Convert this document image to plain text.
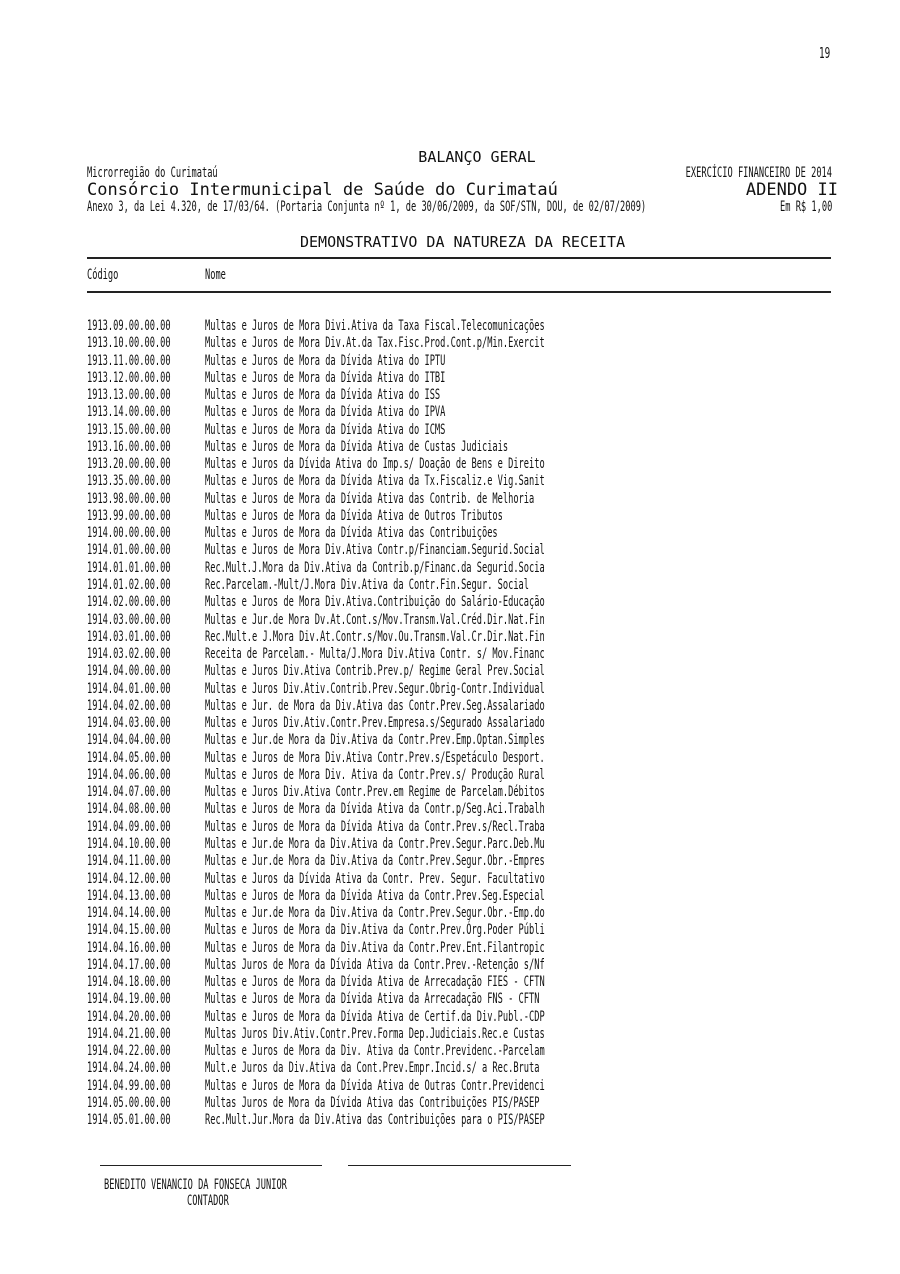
19
BALANÇO GERAL
Microrregião do Curimataú	EXERCÍCIO FINANCEIRO DE 2014
Consórcio Intermunicipal de Saúde do Curimataú	ADENDO II
Anexo 3, da Lei 4.320, de 17/03/64. (Portaria Conjunta nº 1, de 30/06/2009, da SOF/STN, DOU, de 02/07/2009)	Em R$ 1,00
DEMONSTRATIVO DA NATUREZA DA RECEITA
Código	Nome
1913.09.00.00.00 Multas e Juros de Mora Divi.Ativa da Taxa Fiscal.Telecomunicações
1913.10.00.00.00 Multas e Juros de Mora Div.At.da Tax.Fisc.Prod.Cont.p/Min.Exercit
1913.11.00.00.00 Multas e Juros de Mora da Dívida Ativa do IPTU
1913.12.00.00.00 Multas e Juros de Mora da Dívida Ativa do ITBI
1913.13.00.00.00 Multas e Juros de Mora da Dívida Ativa do ISS
1913.14.00.00.00 Multas e Juros de Mora da Dívida Ativa do IPVA
1913.15.00.00.00 Multas e Juros de Mora da Dívida Ativa do ICMS
1913.16.00.00.00 Multas e Juros de Mora da Dívida Ativa de Custas Judiciais
1913.20.00.00.00 Multas e Juros da Dívida Ativa do Imp.s/ Doação de Bens e Direito
1913.35.00.00.00 Multas e Juros de Mora da Dívida Ativa da Tx.Fiscaliz.e Vig.Sanit
1913.98.00.00.00 Multas e Juros de Mora da Dívida Ativa das Contrib. de Melhoria
1913.99.00.00.00 Multas e Juros de Mora da Dívida Ativa de Outros Tributos
1914.00.00.00.00 Multas e Juros de Mora da Dívida Ativa das Contribuições
1914.01.00.00.00 Multas e Juros de Mora Div.Ativa Contr.p/Financiam.Segurid.Social
1914.01.01.00.00 Rec.Mult.J.Mora da Div.Ativa da Contrib.p/Financ.da Segurid.Socia
1914.01.02.00.00 Rec.Parcelam.-Mult/J.Mora Div.Ativa da Contr.Fin.Segur. Social
1914.02.00.00.00 Multas e Juros de Mora Div.Ativa.Contribuição do Salário-Educação
1914.03.00.00.00 Multas e Jur.de Mora Dv.At.Cont.s/Mov.Transm.Val.Créd.Dir.Nat.Fin
1914.03.01.00.00 Rec.Mult.e J.Mora Div.At.Contr.s/Mov.Ou.Transm.Val.Cr.Dir.Nat.Fin
1914.03.02.00.00 Receita de Parcelam.- Multa/J.Mora Div.Ativa Contr. s/ Mov.Financ
1914.04.00.00.00 Multas e Juros Div.Ativa Contrib.Prev.p/ Regime Geral Prev.Social
1914.04.01.00.00 Multas e Juros Div.Ativ.Contrib.Prev.Segur.Obrig-Contr.Individual
1914.04.02.00.00 Multas e Jur. de Mora da Div.Ativa das Contr.Prev.Seg.Assalariado
1914.04.03.00.00 Multas e Juros Div.Ativ.Contr.Prev.Empresa.s/Segurado Assalariado
1914.04.04.00.00 Multas e Jur.de Mora da Div.Ativa da Contr.Prev.Emp.Optan.Simples
1914.04.05.00.00 Multas e Juros de Mora Div.Ativa Contr.Prev.s/Espetáculo Desport.
1914.04.06.00.00 Multas e Juros de Mora Div. Ativa da Contr.Prev.s/ Produção Rural
1914.04.07.00.00 Multas e Juros Div.Ativa Contr.Prev.em Regime de Parcelam.Débitos
1914.04.08.00.00 Multas e Juros de Mora da Dívida Ativa da Contr.p/Seg.Aci.Trabalh
1914.04.09.00.00 Multas e Juros de Mora da Dívida Ativa da Contr.Prev.s/Recl.Traba
1914.04.10.00.00 Multas e Jur.de Mora da Div.Ativa da Contr.Prev.Segur.Parc.Deb.Mu
1914.04.11.00.00 Multas e Jur.de Mora da Div.Ativa da Contr.Prev.Segur.Obr.-Empres
1914.04.12.00.00 Multas e Juros da Dívida Ativa da Contr. Prev. Segur. Facultativo
1914.04.13.00.00 Multas e Juros de Mora da Dívida Ativa da Contr.Prev.Seg.Especial
1914.04.14.00.00 Multas e Jur.de Mora da Div.Ativa da Contr.Prev.Segur.Obr.-Emp.do
1914.04.15.00.00 Multas e Juros de Mora da Div.Ativa da Contr.Prev.Órg.Poder Públi
1914.04.16.00.00 Multas e Juros de Mora da Div.Ativa da Contr.Prev.Ent.Filantropic
1914.04.17.00.00 Multas Juros de Mora da Dívida Ativa da Contr.Prev.-Retenção s/Nf
1914.04.18.00.00 Multas e Juros de Mora da Dívida Ativa de Arrecadação FIES - CFTN
1914.04.19.00.00 Multas e Juros de Mora da Dívida Ativa da Arrecadação FNS - CFTN
1914.04.20.00.00 Multas e Juros de Mora da Dívida Ativa de Certif.da Div.Publ.-CDP
1914.04.21.00.00 Multas Juros Div.Ativ.Contr.Prev.Forma Dep.Judiciais.Rec.e Custas
1914.04.22.00.00 Multas e Juros de Mora da Div. Ativa da Contr.Previdenc.-Parcelam
1914.04.24.00.00 Mult.e Juros da Div.Ativa da Cont.Prev.Empr.Incid.s/ a Rec.Bruta
1914.04.99.00.00 Multas e Juros de Mora da Dívida Ativa de Outras Contr.Previdenci
1914.05.00.00.00 Multas Juros de Mora da Dívida Ativa das Contribuições PIS/PASEP
1914.05.01.00.00 Rec.Mult.Jur.Mora da Div.Ativa das Contribuições para o PIS/PASEP
BENEDITO VENANCIO DA FONSECA JUNIOR
CONTADOR
